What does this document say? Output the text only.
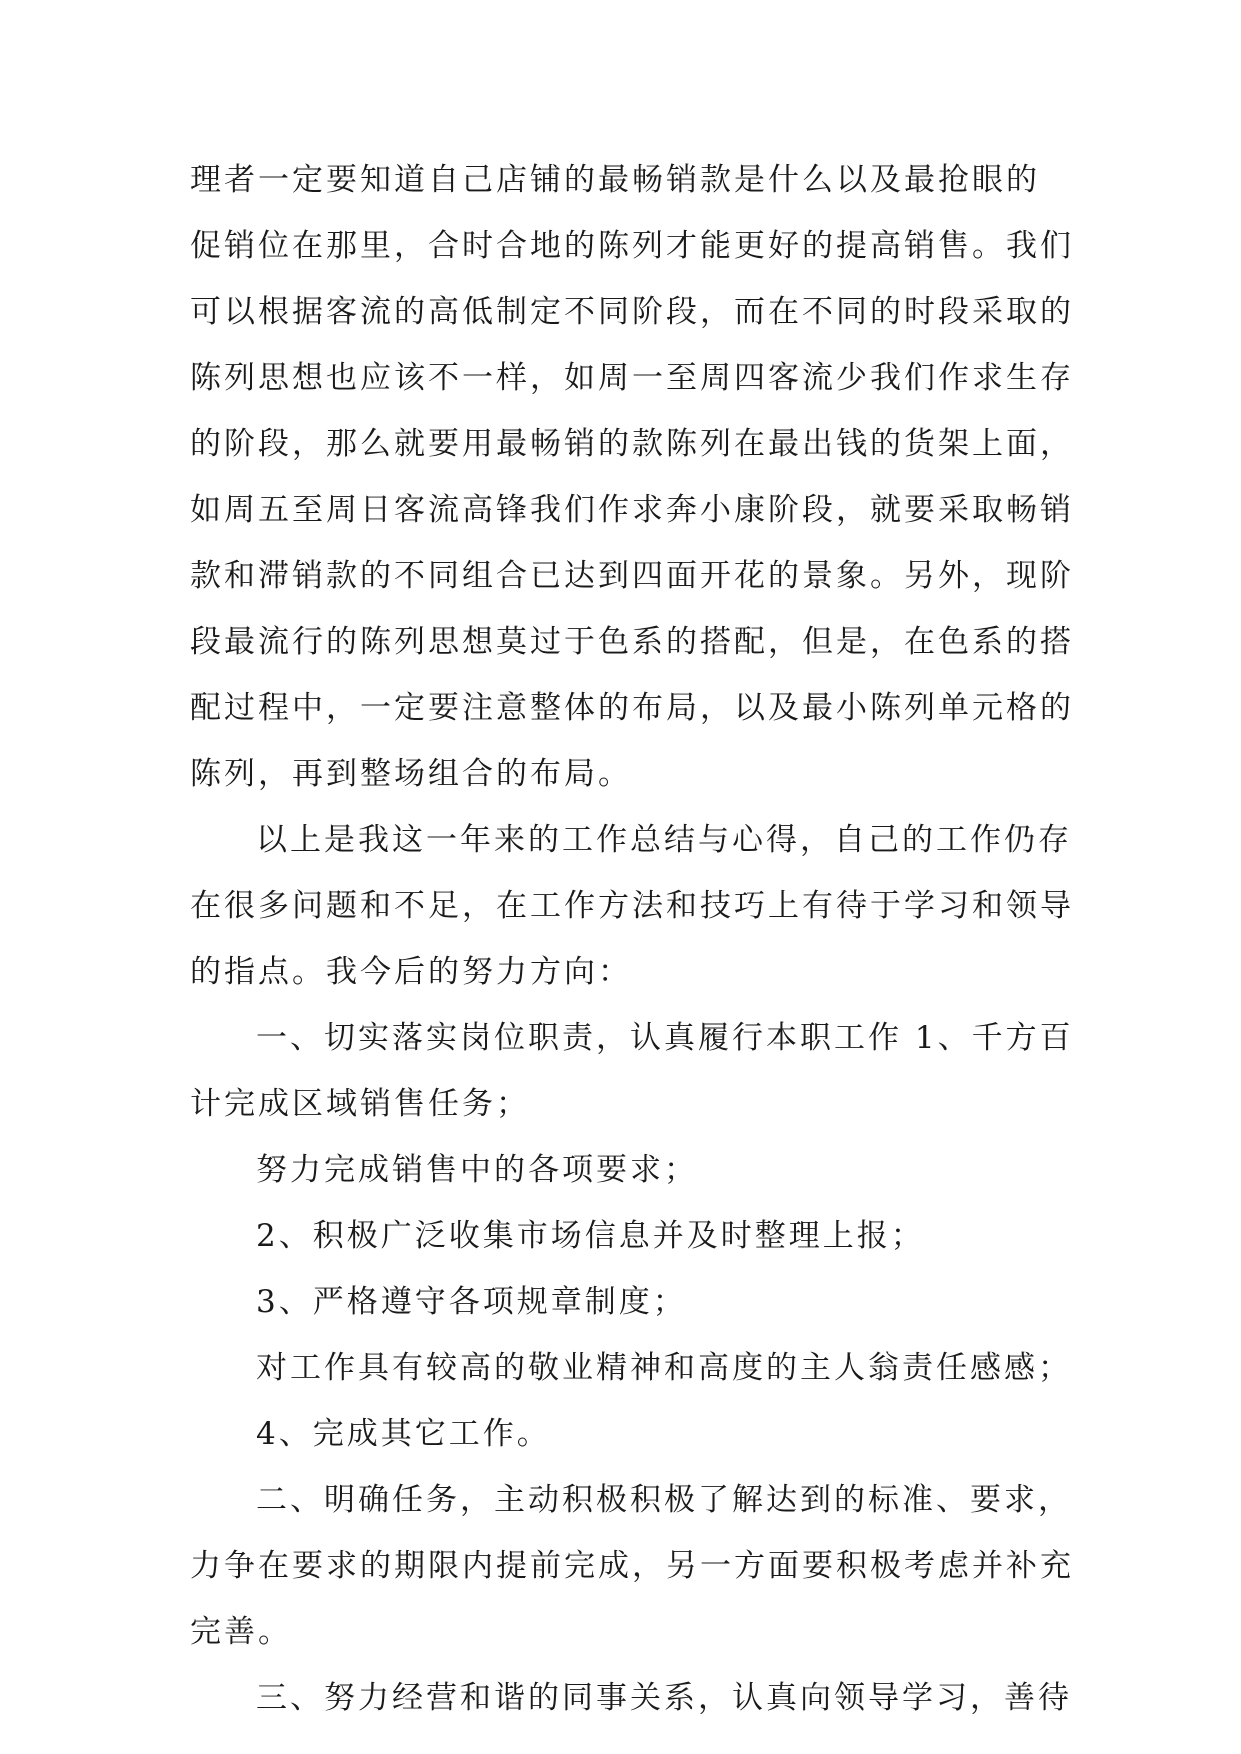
理者一定要知道自己店铺的最畅销款是什么以及最抢眼的
促销位在那里，合时合地的陈列才能更好的提高销售。我们
可以根据客流的高低制定不同阶段，而在不同的时段采取的
陈列思想也应该不一样，如周一至周四客流少我们作求生存
的阶段，那么就要用最畅销的款陈列在最出钱的货架上面，
如周五至周日客流高锋我们作求奔小康阶段，就要采取畅销
款和滞销款的不同组合已达到四面开花的景象。另外，现阶
段最流行的陈列思想莫过于色系的搭配，但是，在色系的搭
配过程中，一定要注意整体的布局，以及最小陈列单元格的
陈列，再到整场组合的布局。
以上是我这一年来的工作总结与心得，自己的工作仍存
在很多问题和不足，在工作方法和技巧上有待于学习和领导
的指点。我今后的努力方向：
一、切实落实岗位职责，认真履行本职工作 1、千方百
计完成区域销售任务；
努力完成销售中的各项要求；
2、积极广泛收集市场信息并及时整理上报；
3、严格遵守各项规章制度；
对工作具有较高的敬业精神和高度的主人翁责任感感；
4、完成其它工作。
二、明确任务，主动积极积极了解达到的标准、要求，
力争在要求的期限内提前完成，另一方面要积极考虑并补充
完善。
三、努力经营和谐的同事关系，认真向领导学习，善待
